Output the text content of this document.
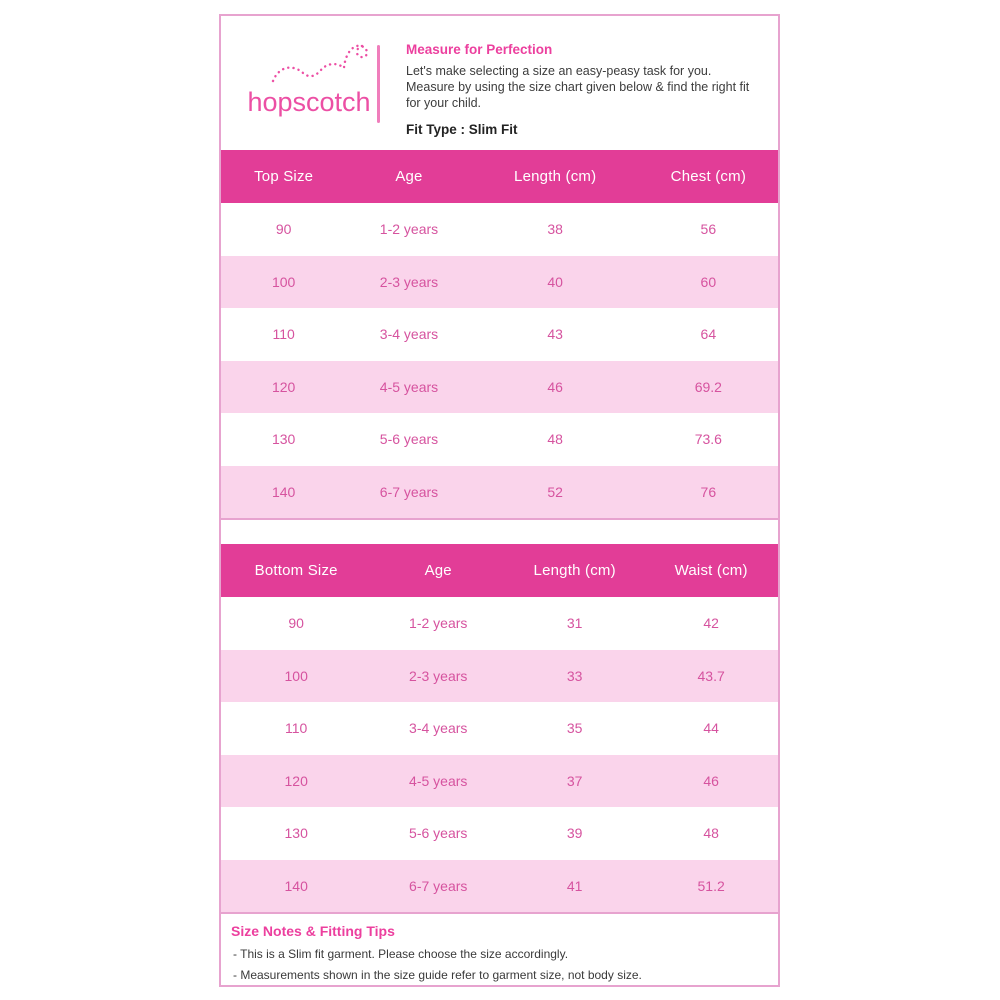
hopscotch

Measure for Perfection

Let's make selecting a size an easy-peasy task for you.

Measure by using the size chart given below & find the right fit for your child.

Fit Type : Slim Fit
Top Size	Age	Length (cm)	Chest (cm)
90	1-2 years	38	56
100	2-3 years	40	60
110	3-4 years	43	64
120	4-5 years	46	69.2
130	5-6 years	48	73.6
140	6-7 years	52	76
Bottom Size	Age	Length (cm)	Waist (cm)
90	1-2 years	31	42
100	2-3 years	33	43.7
110	3-4 years	35	44
120	4-5 years	37	46
130	5-6 years	39	48
140	6-7 years	41	51.2

Size Notes & Fitting Tips

- This is a Slim fit garment. Please choose the size accordingly.

- Measurements shown in the size guide refer to garment size, not body size.
